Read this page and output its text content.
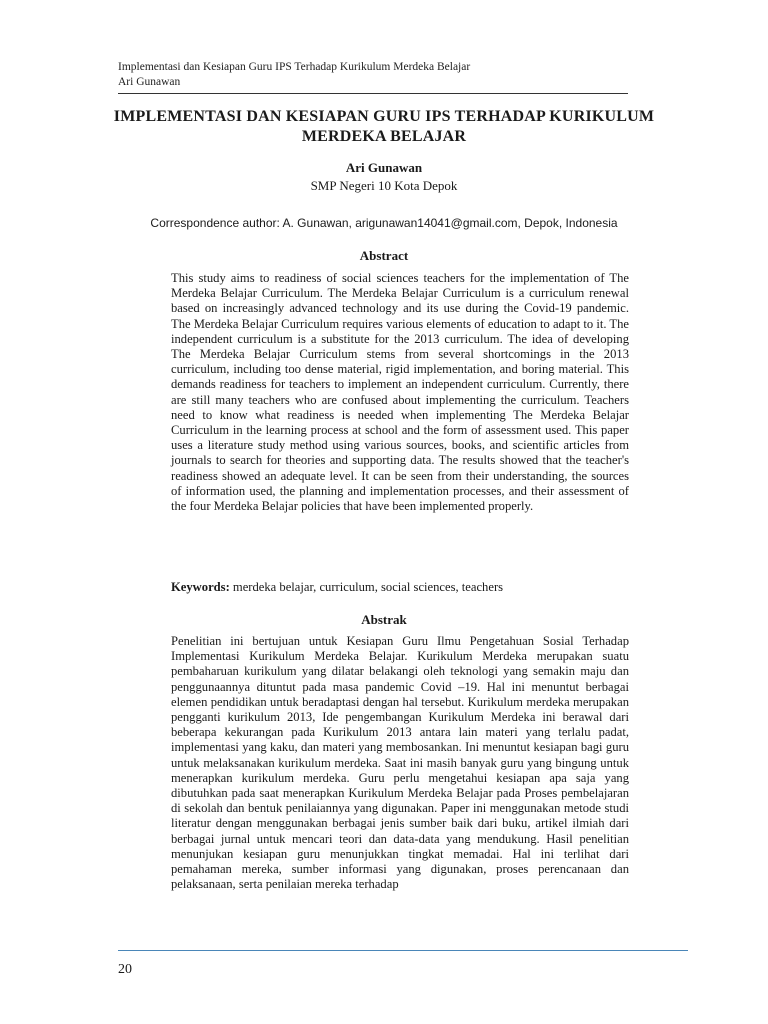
Implementasi dan Kesiapan Guru IPS Terhadap Kurikulum Merdeka Belajar
Ari Gunawan
IMPLEMENTASI DAN KESIAPAN GURU IPS TERHADAP KURIKULUM MERDEKA BELAJAR
Ari Gunawan
SMP Negeri 10 Kota Depok
Correspondence author: A. Gunawan, arigunawan14041@gmail.com, Depok, Indonesia
Abstract
This study aims to readiness of social sciences teachers for the implementation of The Merdeka Belajar Curriculum. The Merdeka Belajar Curriculum is a curriculum renewal based on increasingly advanced technology and its use during the Covid-19 pandemic. The Merdeka Belajar Curriculum requires various elements of education to adapt to it. The independent curriculum is a substitute for the 2013 curriculum. The idea of developing The Merdeka Belajar Curriculum stems from several shortcomings in the 2013 curriculum, including too dense material, rigid implementation, and boring material. This demands readiness for teachers to implement an independent curriculum. Currently, there are still many teachers who are confused about implementing the curriculum. Teachers need to know what readiness is needed when implementing The Merdeka Belajar Curriculum in the learning process at school and the form of assessment used. This paper uses a literature study method using various sources, books, and scientific articles from journals to search for theories and supporting data. The results showed that the teacher's readiness showed an adequate level. It can be seen from their understanding, the sources of information used, the planning and implementation processes, and their assessment of the four Merdeka Belajar policies that have been implemented properly.
Keywords: merdeka belajar, curriculum, social sciences, teachers
Abstrak
Penelitian ini bertujuan untuk Kesiapan Guru Ilmu Pengetahuan Sosial Terhadap Implementasi Kurikulum Merdeka Belajar. Kurikulum Merdeka merupakan suatu pembaharuan kurikulum yang dilatar belakangi oleh teknologi yang semakin maju dan penggunaannya dituntut pada masa pandemic Covid –19. Hal ini menuntut berbagai elemen pendidikan untuk beradaptasi dengan hal tersebut. Kurikulum merdeka merupakan pengganti kurikulum 2013, Ide pengembangan Kurikulum Merdeka ini berawal dari beberapa kekurangan pada Kurikulum 2013 antara lain materi yang terlalu padat, implementasi yang kaku, dan materi yang membosankan. Ini menuntut kesiapan bagi guru untuk melaksanakan kurikulum merdeka. Saat ini masih banyak guru yang bingung untuk menerapkan kurikulum merdeka. Guru perlu mengetahui kesiapan apa saja yang dibutuhkan pada saat menerapkan Kurikulum Merdeka Belajar pada Proses pembelajaran di sekolah dan bentuk penilaiannya yang digunakan. Paper ini menggunakan metode studi literatur dengan menggunakan berbagai jenis sumber baik dari buku, artikel ilmiah dari berbagai jurnal untuk mencari teori dan data-data yang mendukung. Hasil penelitian menunjukan kesiapan guru menunjukkan tingkat memadai. Hal ini terlihat dari pemahaman mereka, sumber informasi yang digunakan, proses perencanaan dan pelaksanaan, serta penilaian mereka terhadap
20
